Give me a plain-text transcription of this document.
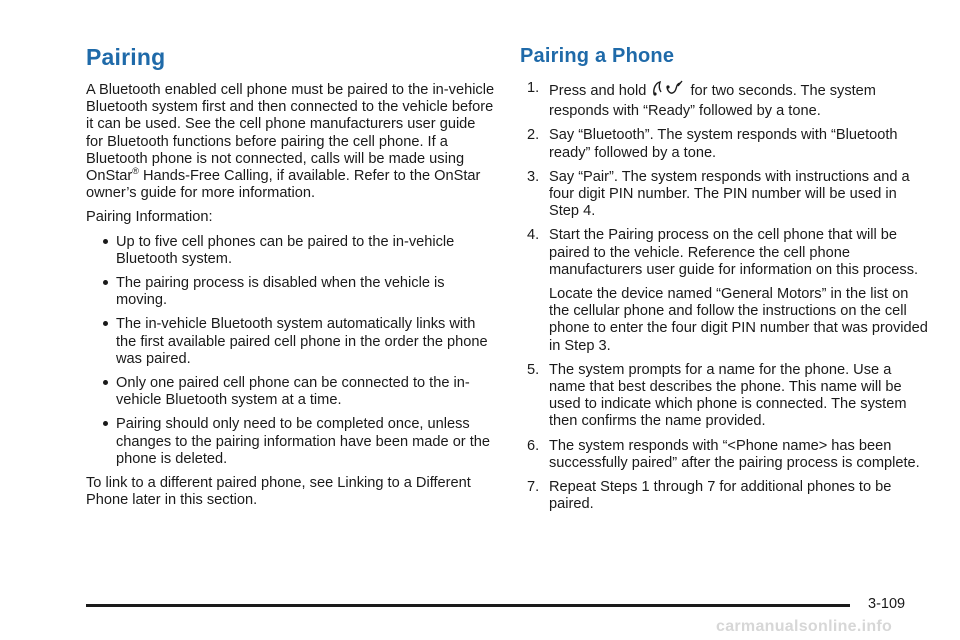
Pairing

A Bluetooth enabled cell phone must be paired to the in-vehicle Bluetooth system first and then connected to the vehicle before it can be used. See the cell phone manufacturers user guide for Bluetooth functions before pairing the cell phone. If a Bluetooth phone is not connected, calls will be made using OnStar® Hands-Free Calling, if available. Refer to the OnStar owner’s guide for more information.

Pairing Information:

Up to five cell phones can be paired to the in-vehicle Bluetooth system.
The pairing process is disabled when the vehicle is moving.
The in-vehicle Bluetooth system automatically links with the first available paired cell phone in the order the phone was paired.
Only one paired cell phone can be connected to the in-vehicle Bluetooth system at a time.
Pairing should only need to be completed once, unless changes to the pairing information have been made or the phone is deleted.

To link to a different paired phone, see Linking to a Different Phone later in this section.

Pairing a Phone
1. Press and hold	for two seconds. The system responds with “Ready” followed by a tone.
2. Say “Bluetooth”. The system responds with “Bluetooth ready” followed by a tone.
3. Say “Pair”. The system responds with instructions and a four digit PIN number. The PIN number will be used in Step 4.
4. Start the Pairing process on the cell phone that will be paired to the vehicle. Reference the cell phone manufacturers user guide for information on this process.
Locate the device named “General Motors” in the list on the cellular phone and follow the instructions on the cell phone to enter the four digit PIN number that was provided in Step 3.
5. The system prompts for a name for the phone. Use a name that best describes the phone. This name will be used to indicate which phone is connected. The system then confirms the name provided.
6. The system responds with “<Phone name> has been successfully paired” after the pairing process is complete.
7. Repeat Steps 1 through 7 for additional phones to be paired.
3-109
carmanualsonline.info
